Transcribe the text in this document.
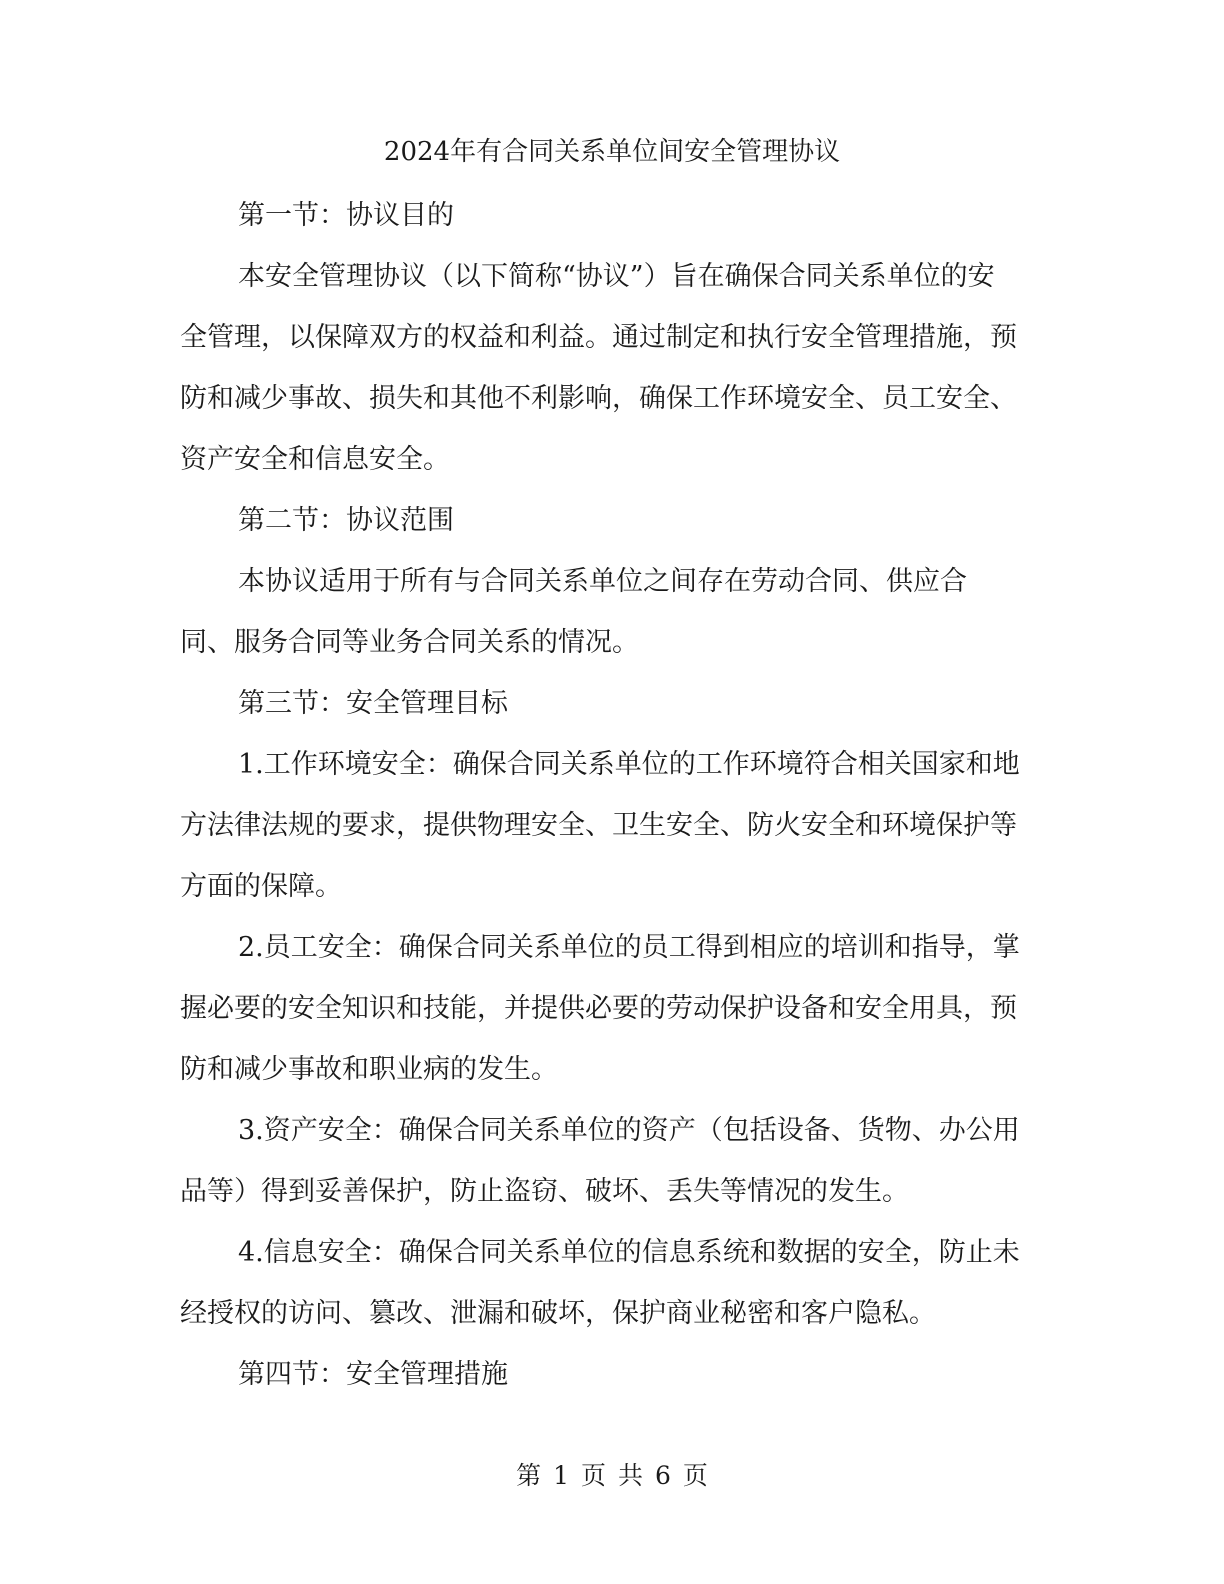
2024年有合同关系单位间安全管理协议

第一节：协议目的

本安全管理协议（以下简称“协议”）旨在确保合同关系单位的安全管理，以保障双方的权益和利益。通过制定和执行安全管理措施，预防和减少事故、损失和其他不利影响，确保工作环境安全、员工安全、资产安全和信息安全。

第二节：协议范围

本协议适用于所有与合同关系单位之间存在劳动合同、供应合同、服务合同等业务合同关系的情况。

第三节：安全管理目标

1.工作环境安全：确保合同关系单位的工作环境符合相关国家和地方法律法规的要求，提供物理安全、卫生安全、防火安全和环境保护等方面的保障。

2.员工安全：确保合同关系单位的员工得到相应的培训和指导，掌握必要的安全知识和技能，并提供必要的劳动保护设备和安全用具，预防和减少事故和职业病的发生。

3.资产安全：确保合同关系单位的资产（包括设备、货物、办公用品等）得到妥善保护，防止盗窃、破坏、丢失等情况的发生。

4.信息安全：确保合同关系单位的信息系统和数据的安全，防止未经授权的访问、篡改、泄漏和破坏，保护商业秘密和客户隐私。

第四节：安全管理措施

第 1 页 共 6 页
